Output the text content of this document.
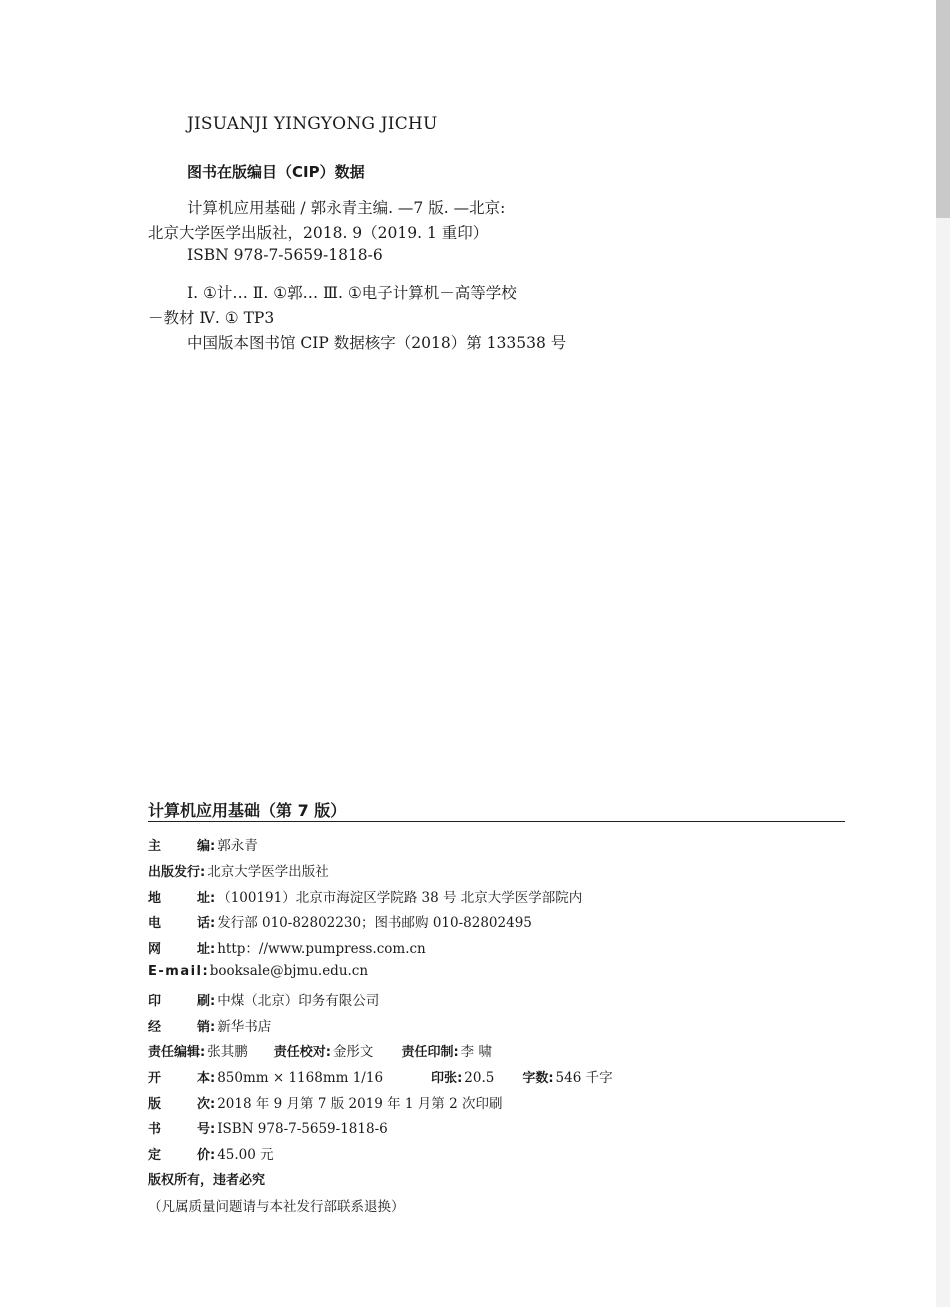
JISUANJI YINGYONG JICHU
图书在版编目（CIP）数据
计算机应用基础 / 郭永青主编. —7 版. —北京:
北京大学医学出版社，2018. 9（2019. 1 重印）
ISBN 978-7-5659-1818-6
Ⅰ. ①计… Ⅱ. ①郭… Ⅲ. ①电子计算机－高等学校
－教材 Ⅳ. ① TP3
中国版本图书馆 CIP 数据核字（2018）第 133538 号
计算机应用基础（第 7 版）
主	编 : 郭永青
出版发行 : 北京大学医学出版社
地	址 : （100191）北京市海淀区学院路 38 号 北京大学医学部院内
电	话 : 发行部 010-82802230；图书邮购 010-82802495
网	址 : http：//www.pumpress.com.cn
E-mail : booksale@bjmu.edu.cn
印	刷 : 中煤（北京）印务有限公司
经	销 : 新华书店
责任编辑 : 张其鹏 责任校对 : 金彤文 责任印制 : 李 啸
开	本 : 850mm × 1168mm 1/16	印张 : 20.5 字数 : 546 千字
版	次 : 2018 年 9 月第 7 版 2019 年 1 月第 2 次印刷
书	号 : ISBN 978-7-5659-1818-6
定	价 : 45.00 元
版权所有，违者必究
（凡属质量问题请与本社发行部联系退换）
